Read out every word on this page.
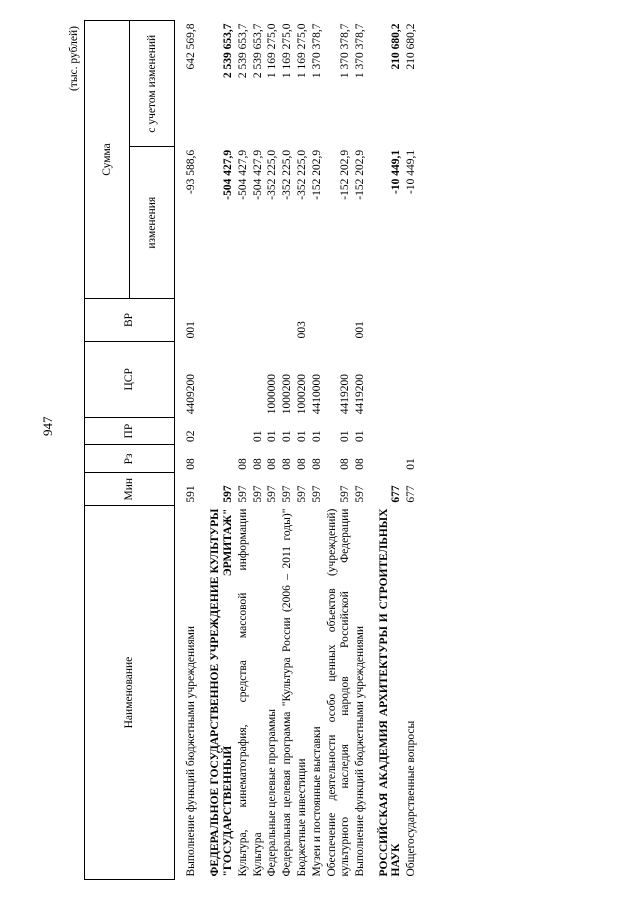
947
(тыс. рублей)
Наименование	Мин	Рз	ПР	ЦСР	ВР	Сумма	
						изменения	с учетом изменений
Выполнение функций бюджетными учреждениями	591	08	02	4409200	001	-93 588,6	642 569,8
ФЕДЕРАЛЬНОЕ ГОСУДАРСТВЕННОЕ УЧРЕЖДЕНИЕ КУЛЬТУРЫ "ГОСУДАРСТВЕННЫЙ ЭРМИТАЖ"	597					-504 427,9	2 539 653,7
Культура, кинематография, средства массовой информации	597	08				-504 427,9	2 539 653,7
Культура	597	08	01			-504 427,9	2 539 653,7
Федеральные целевые программы	597	08	01	1000000		-352 225,0	1 169 275,0
Федеральная целевая программа "Культура России (2006 – 2011 годы)"	597	08	01	1000200		-352 225,0	1 169 275,0
Бюджетные инвестиции	597	08	01	1000200	003	-352 225,0	1 169 275,0
Музеи и постоянные выставки	597	08	01	4410000		-152 202,9	1 370 378,7
Обеспечение деятельности особо ценных объектов (учреждений) культурного наследия народов Российской Федерации	597	08	01	4419200		-152 202,9	1 370 378,7
Выполнение функций бюджетными учреждениями	597	08	01	4419200	001	-152 202,9	1 370 378,7
РОССИЙСКАЯ АКАДЕМИЯ АРХИТЕКТУРЫ И СТРОИТЕЛЬНЫХ НАУК	677					-10 449,1	210 680,2
Общегосударственные вопросы	677	01				-10 449,1	210 680,2
